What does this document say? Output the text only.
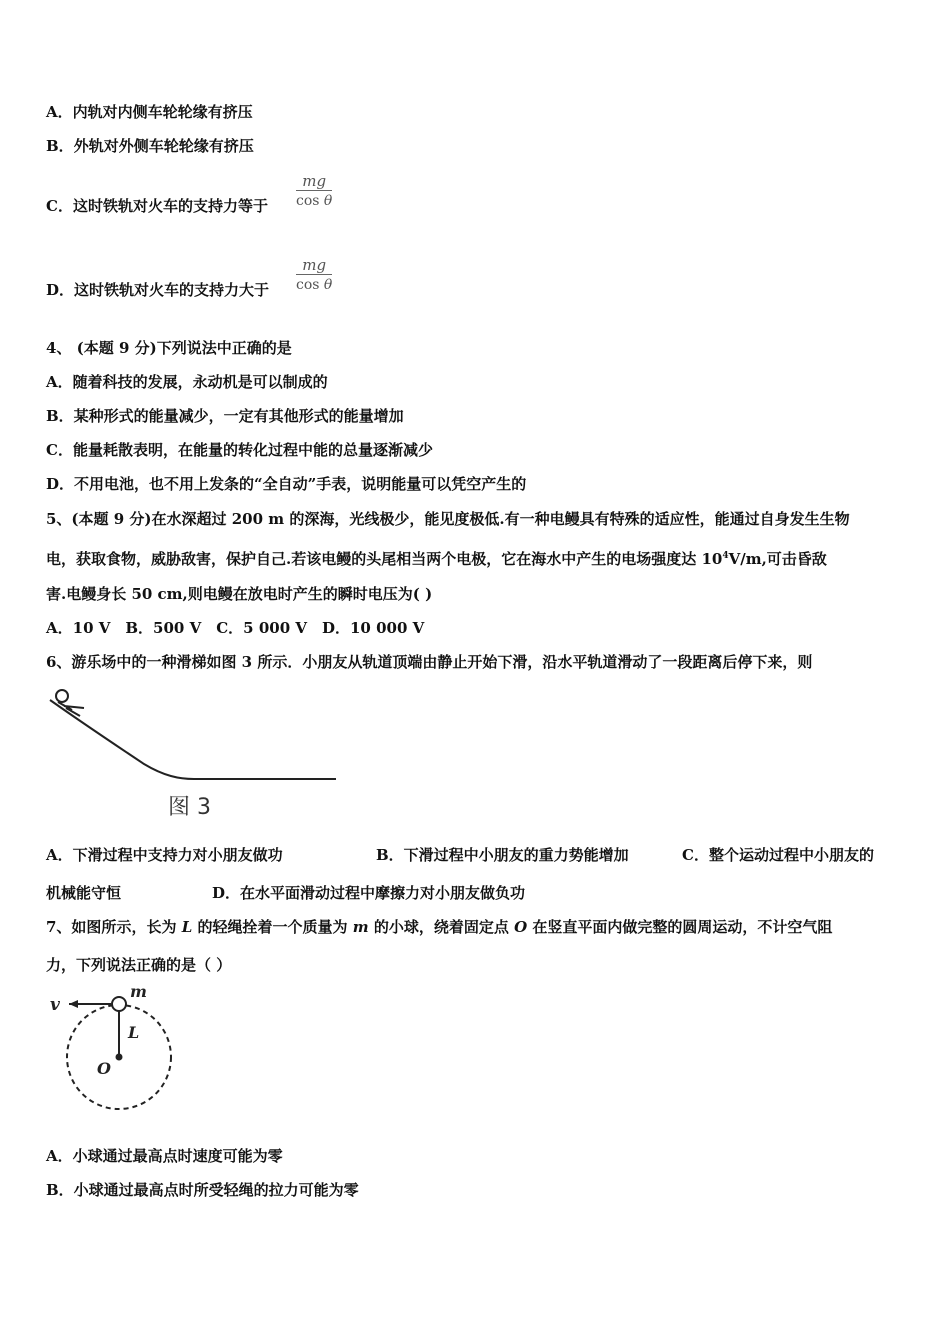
A．内轨对内侧车轮轮缘有挤压
B．外轨对外侧车轮轮缘有挤压
C．这时铁轨对火车的支持力等于 $\frac{mg}{\text{cos θ}}$
D．这时铁轨对火车的支持力大于 $\frac{mg}{\text{cos θ}}$
4、 (本题 9 分)下列说法中正确的是
A．随着科技的发展，永动机是可以制成的
B．某种形式的能量减少，一定有其他形式的能量增加
C．能量耗散表明，在能量的转化过程中能的总量逐渐减少
D．不用电池，也不用上发条的“全自动”手表，说明能量可以凭空产生的
5、(本题 9 分)在水深超过 200 m 的深海，光线极少，能见度极低.有一种电鳗具有特殊的适应性，能通过自身发生生物
电，获取食物，威胁敌害，保护自己.若该电鳗的头尾相当两个电极，它在海水中产生的电场强度达 $10^4V/m$,可击昏敌
害.电鳗身长 50 cm,则电鳗在放电时产生的瞬时电压为( )
A．10 V　B．500 V　C．5 000 V　D．10 000 V
6、游乐场中的一种滑梯如图 3 所示．小朋友从轨道顶端由静止开始下滑，沿水平轨道滑动了一段距离后停下来，则
图 3
A．下滑过程中支持力对小朋友做功	B．下滑过程中小朋友的重力势能增加	C．整个运动过程中小朋友的
机械能守恒	D．在水平面滑动过程中摩擦力对小朋友做负功
7、如图所示，长为 L 的轻绳拴着一个质量为 m 的小球，绕着固定点 O 在竖直平面内做完整的圆周运动，不计空气阻
力，下列说法正确的是（ ）
v
m
L
O
A．小球通过最高点时速度可能为零
B．小球通过最高点时所受轻绳的拉力可能为零
